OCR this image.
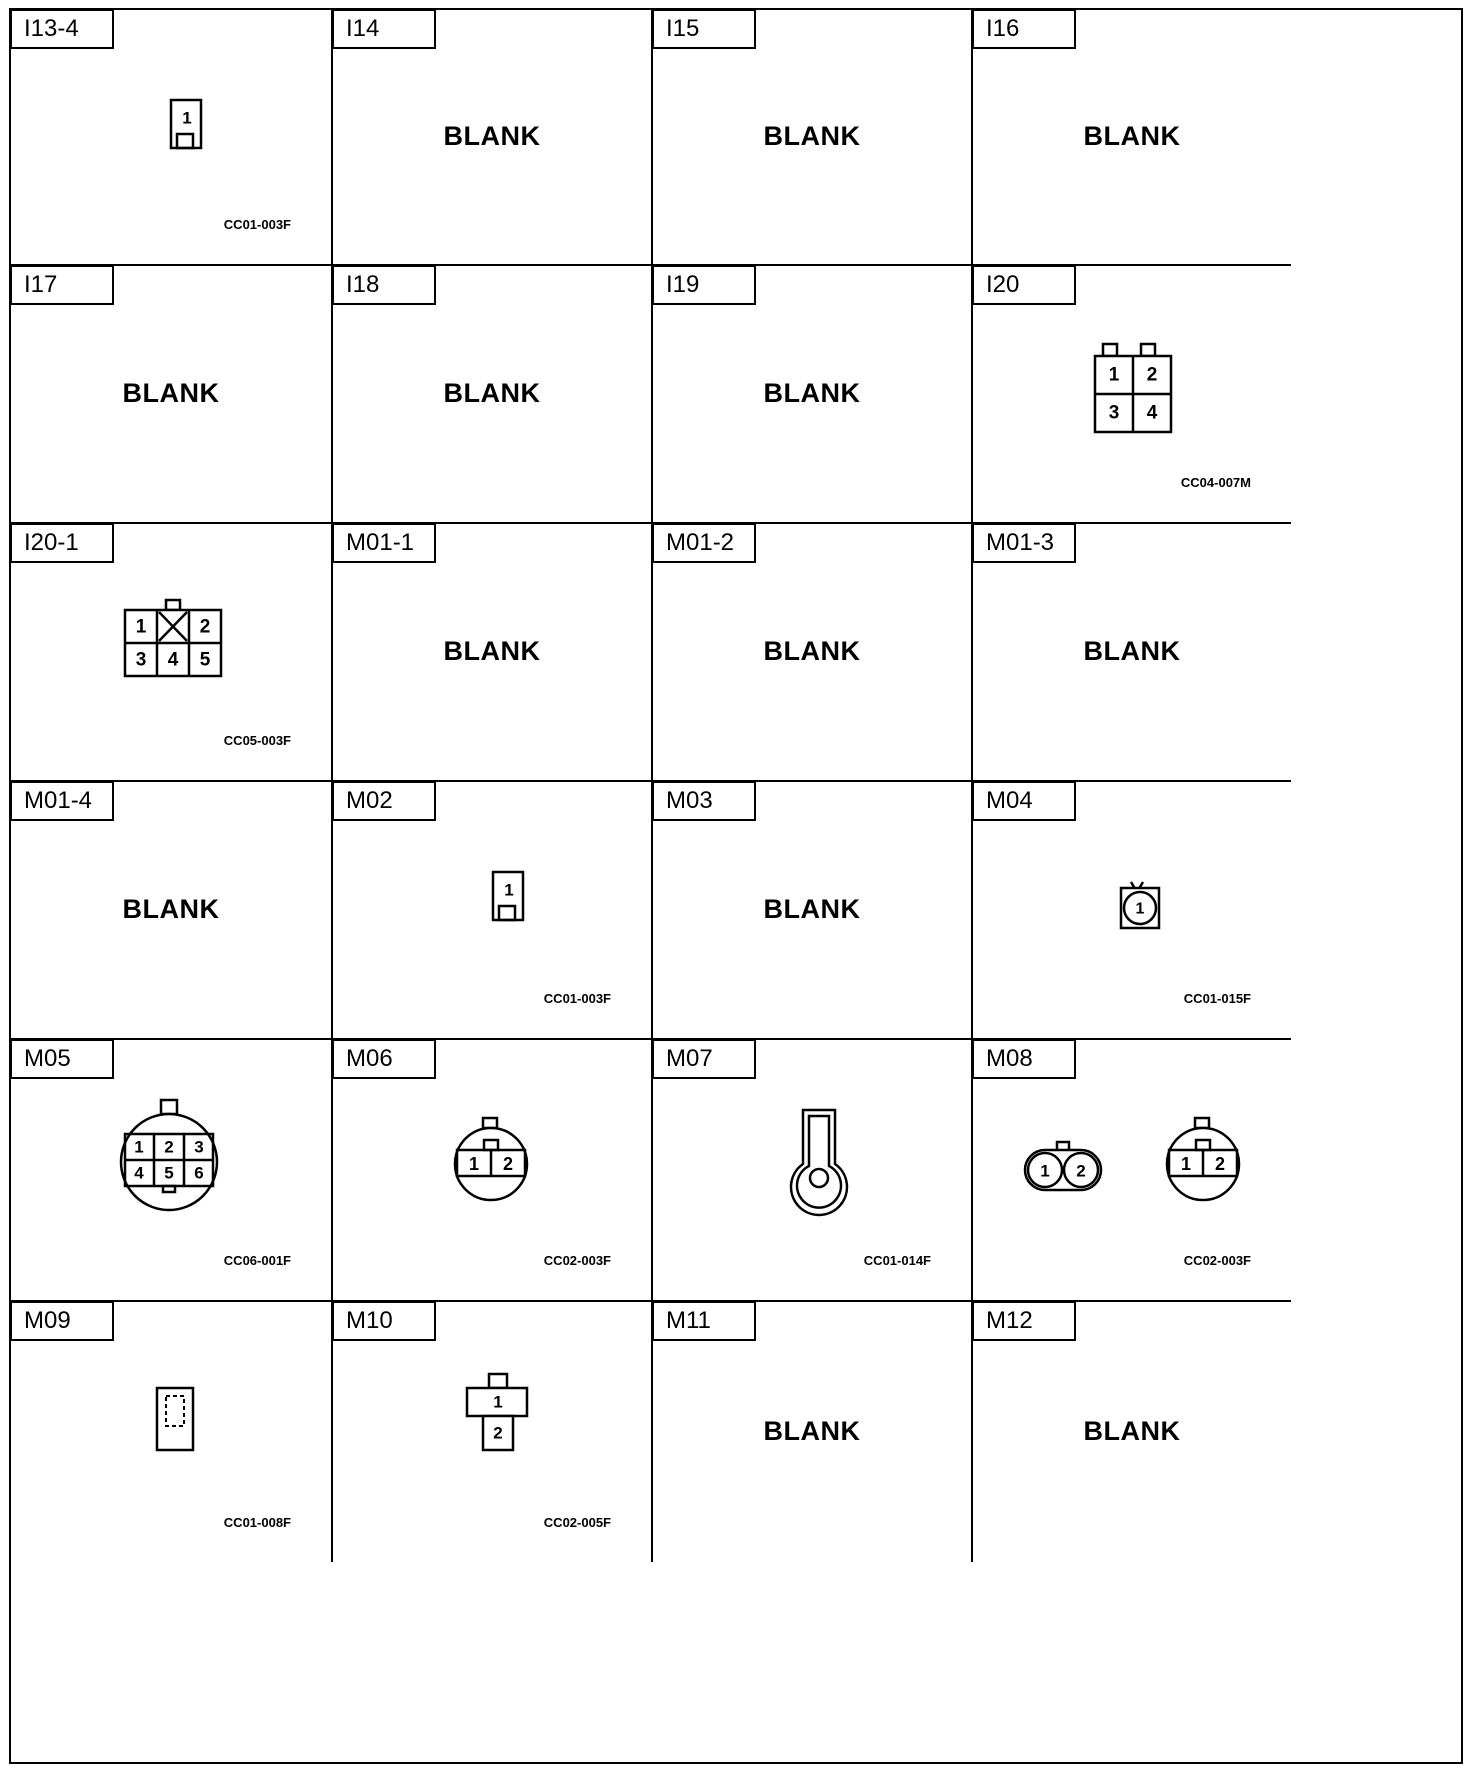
I13-4
CC01-003F
1
I14
BLANK
I15
BLANK
I16
BLANK
I17
BLANK
I18
BLANK
I19
BLANK
I20
CC04-007M
1 2
3 4
I20-1
CC05-003F
1	2
3 4 5
M01-1
BLANK
M01-2
BLANK
M01-3
BLANK
M01-4
BLANK
M02
CC01-003F
1
M03
BLANK
M04
CC01-015F
1
M05
CC06-001F
1 2 3
4 5 6
M06
CC02-003F
1 2
M07
CC01-014F
M08
CC02-003F
1 2	1 2
M09
CC01-008F
M10
CC02-005F
1
2
M11
BLANK
M12
BLANK
